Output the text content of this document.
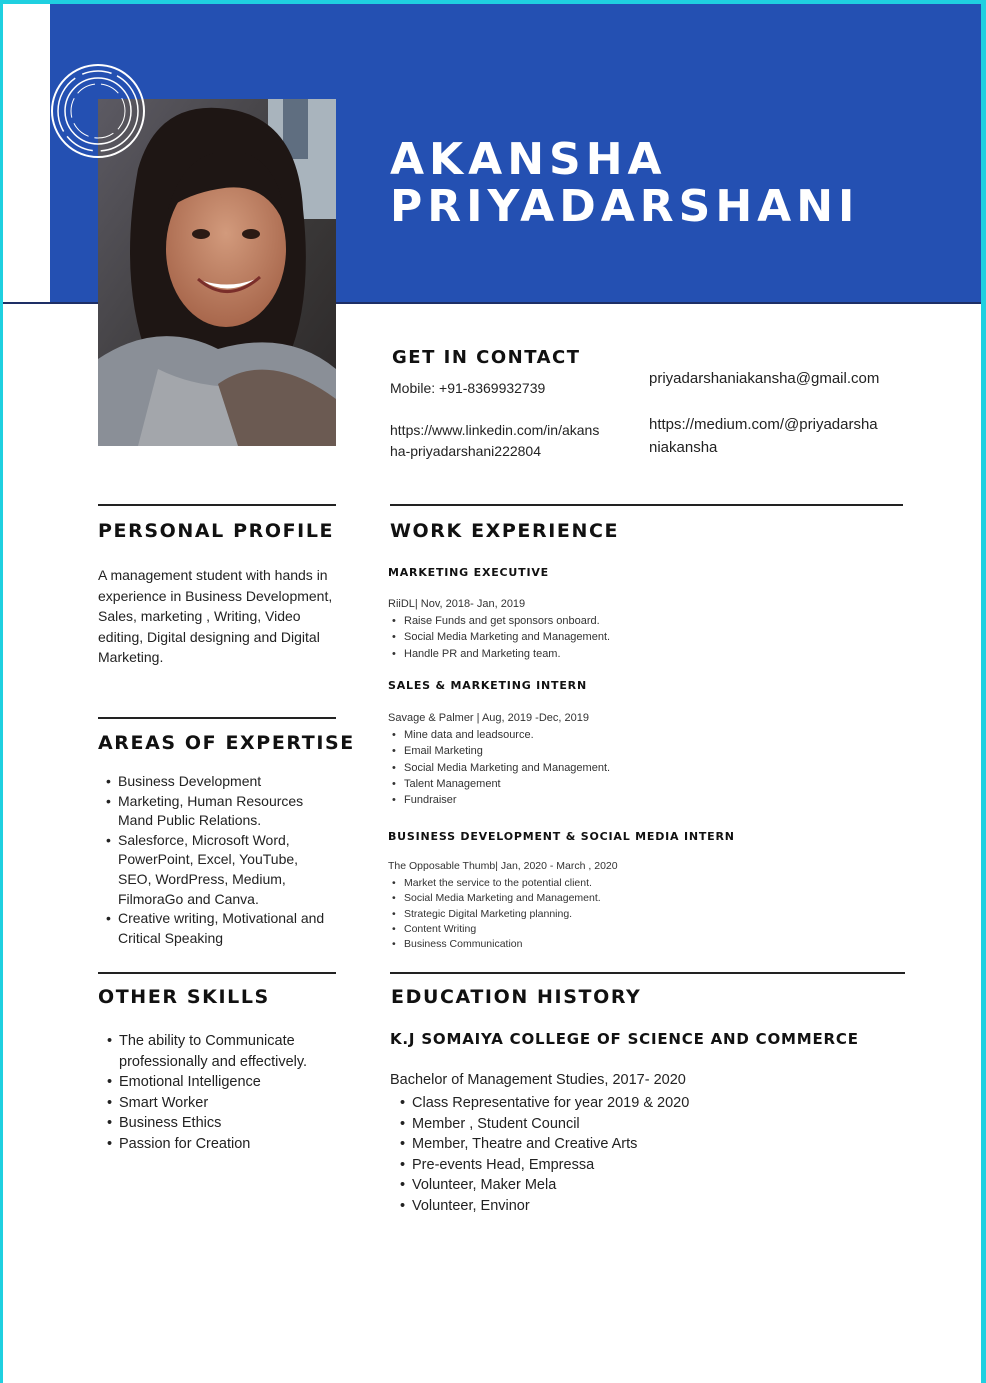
AKANSHA
PRIYADARSHANI
GET IN CONTACT
Mobile: +91-8369932739
https://www.linkedin.com/in/akans
ha-priyadarshani222804
priyadarshaniakansha@gmail.com
https://medium.com/@priyadarsha
niakansha
PERSONAL PROFILE

A management student with hands in experience in Business Development, Sales, marketing , Writing, Video editing, Digital designing and Digital Marketing.

AREAS OF EXPERTISE
• Business Development
• Marketing, Human Resources Mand Public Relations.
• Salesforce, Microsoft Word, PowerPoint, Excel, YouTube, SEO, WordPress, Medium, FilmoraGo and Canva.
• Creative writing, Motivational and Critical Speaking
OTHER SKILLS
• The ability to Communicate professionally and effectively.
• Emotional Intelligence
• Smart Worker
• Business Ethics
• Passion for Creation
WORK EXPERIENCE
MARKETING EXECUTIVE

RiiDL| Nov, 2018- Jan, 2019

• Raise Funds and get sponsors onboard.
• Social Media Marketing and Management.
• Handle PR and Marketing team.
SALES & MARKETING INTERN

Savage & Palmer | Aug, 2019 -Dec, 2019

• Mine data and leadsource.
• Email Marketing
• Social Media Marketing and Management.
• Talent Management
• Fundraiser
BUSINESS DEVELOPMENT & SOCIAL MEDIA INTERN

The Opposable Thumb| Jan, 2020 - March , 2020

• Market the service to the potential client.
• Social Media Marketing and Management.
• Strategic Digital Marketing planning.
• Content Writing
• Business Communication
EDUCATION HISTORY
K.J SOMAIYA COLLEGE OF SCIENCE AND COMMERCE

Bachelor of Management Studies, 2017- 2020

• Class Representative for year 2019 & 2020
• Member , Student Council
• Member, Theatre and Creative Arts
• Pre-events Head, Empressa
• Volunteer, Maker Mela
• Volunteer, Envinor
